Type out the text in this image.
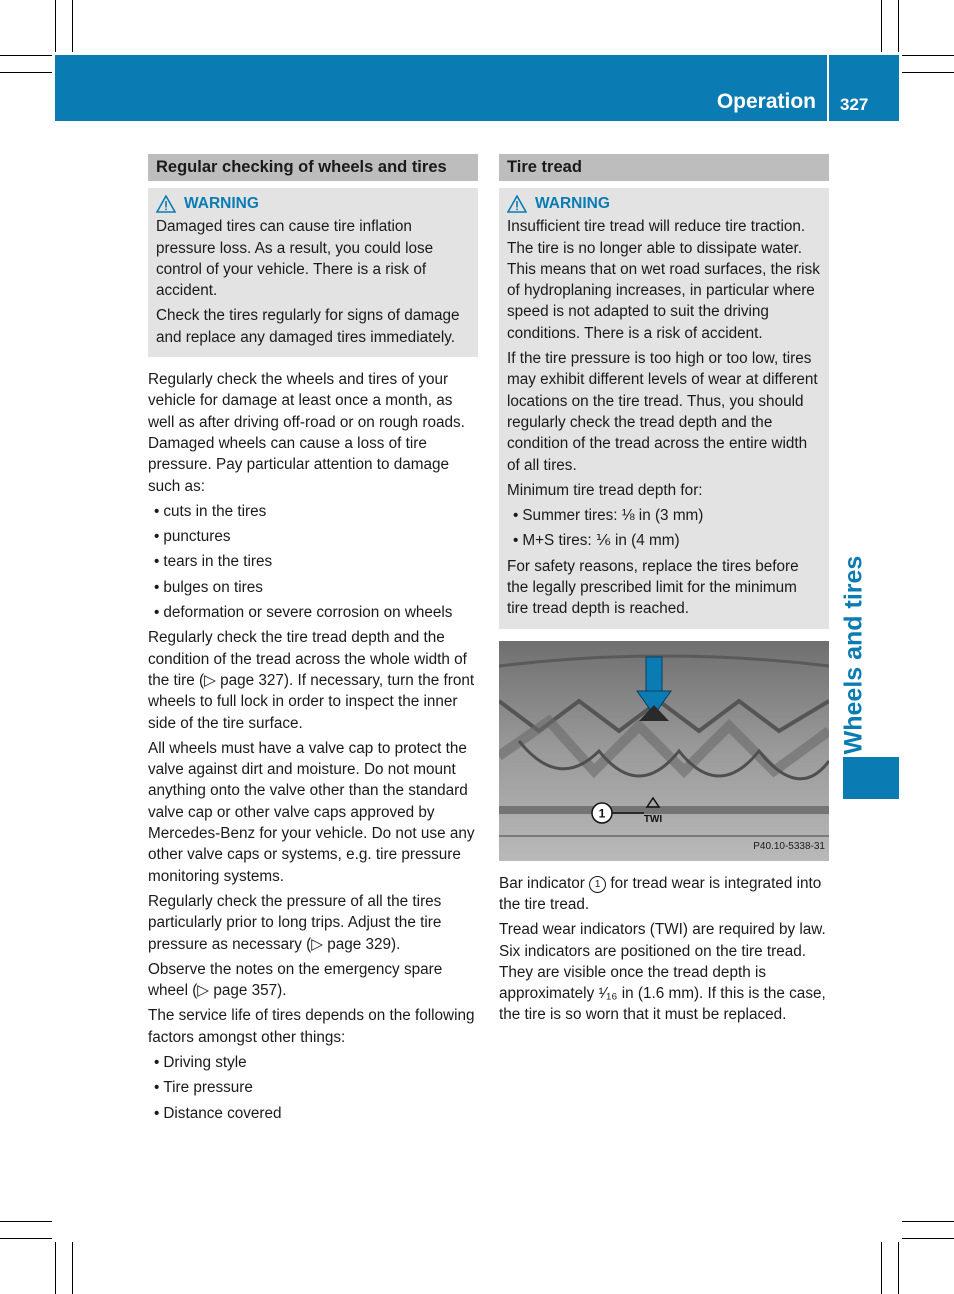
Operation 327
Wheels and tires
Regular checking of wheels and tires
WARNING

Damaged tires can cause tire inflation pressure loss. As a result, you could lose control of your vehicle. There is a risk of accident.

Check the tires regularly for signs of damage and replace any damaged tires immediately.

Regularly check the wheels and tires of your vehicle for damage at least once a month, as well as after driving off-road or on rough roads. Damaged wheels can cause a loss of tire pressure. Pay particular attention to damage such as:

• cuts in the tires
• punctures
• tears in the tires
• bulges on tires
• deformation or severe corrosion on wheels

Regularly check the tire tread depth and the condition of the tread across the whole width of the tire (▷ page 327). If necessary, turn the front wheels to full lock in order to inspect the inner side of the tire surface.

All wheels must have a valve cap to protect the valve against dirt and moisture. Do not mount anything onto the valve other than the standard valve cap or other valve caps approved by Mercedes-Benz for your vehicle. Do not use any other valve caps or systems, e.g. tire pressure monitoring systems.

Regularly check the pressure of all the tires particularly prior to long trips. Adjust the tire pressure as necessary (▷ page 329).

Observe the notes on the emergency spare wheel (▷ page 357).

The service life of tires depends on the following factors amongst other things:

• Driving style
• Tire pressure
• Distance covered
Tire tread
WARNING

Insufficient tire tread will reduce tire traction. The tire is no longer able to dissipate water. This means that on wet road surfaces, the risk of hydroplaning increases, in particular where speed is not adapted to suit the driving conditions. There is a risk of accident.

If the tire pressure is too high or too low, tires may exhibit different levels of wear at different locations on the tire tread. Thus, you should regularly check the tread depth and the condition of the tread across the entire width of all tires.

Minimum tire tread depth for:

• Summer tires: ⅛ in (3 mm)
• M+S tires: ⅙ in (4 mm)

For safety reasons, replace the tires before the legally prescribed limit for the minimum tire tread depth is reached.

1	TWI
P40.10-5338-31

Bar indicator 1 for tread wear is integrated into the tire tread.

Tread wear indicators (TWI) are required by law. Six indicators are positioned on the tire tread. They are visible once the tread depth is approximately ¹⁄₁₆ in (1.6 mm). If this is the case, the tire is so worn that it must be replaced.
